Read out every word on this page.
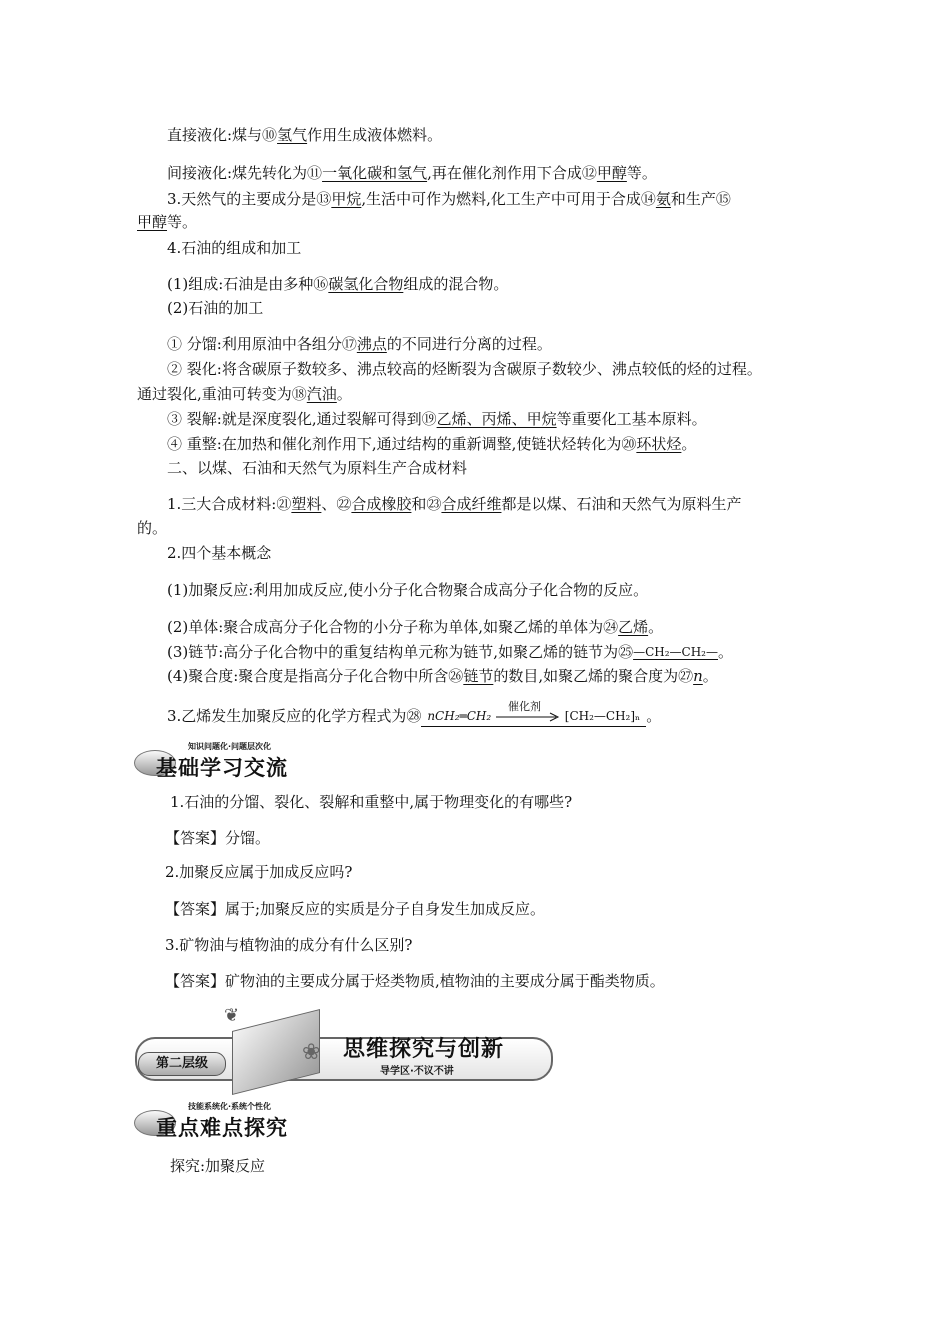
直接液化:煤与⑩氢气作用生成液体燃料。
间接液化:煤先转化为⑪一氧化碳和氢气,再在催化剂作用下合成⑫甲醇等。
3.天然气的主要成分是⑬甲烷,生活中可作为燃料,化工生产中可用于合成⑭氨和生产⑮
甲醇等。
4.石油的组成和加工
(1)组成:石油是由多种⑯碳氢化合物组成的混合物。
(2)石油的加工
① 分馏:利用原油中各组分⑰沸点的不同进行分离的过程。
② 裂化:将含碳原子数较多、沸点较高的烃断裂为含碳原子数较少、沸点较低的烃的过程。
通过裂化,重油可转变为⑱汽油。
③ 裂解:就是深度裂化,通过裂解可得到⑲乙烯、丙烯、甲烷等重要化工基本原料。
④ 重整:在加热和催化剂作用下,通过结构的重新调整,使链状烃转化为⑳环状烃。
二、以煤、石油和天然气为原料生产合成材料
1.三大合成材料:㉑塑料、㉒合成橡胶和㉓合成纤维都是以煤、石油和天然气为原料生产
的。
2.四个基本概念
(1)加聚反应:利用加成反应,使小分子化合物聚合成高分子化合物的反应。
(2)单体:聚合成高分子化合物的小分子称为单体,如聚乙烯的单体为㉔乙烯。
(3)链节:高分子化合物中的重复结构单元称为链节,如聚乙烯的链节为㉕—CH₂—CH₂—。
(4)聚合度:聚合度是指高分子化合物中所含㉖链节的数目,如聚乙烯的聚合度为㉗n。
3.乙烯发生加聚反应的化学方程式为㉘ nCH₂═CH₂
催化剂
[CH₂—CH₂]ₙ 。
知识问题化·问题层次化
基础学习交流
1.石油的分馏、裂化、裂解和重整中,属于物理变化的有哪些?
【答案】分馏。
2.加聚反应属于加成反应吗?
【答案】属于;加聚反应的实质是分子自身发生加成反应。
3.矿物油与植物油的成分有什么区别?
【答案】矿物油的主要成分属于烃类物质,植物油的主要成分属于酯类物质。
第二层级
❦
❀ 思维探究与创新
导学区·不议不讲
技能系统化·系统个性化
重点难点探究
探究:加聚反应
